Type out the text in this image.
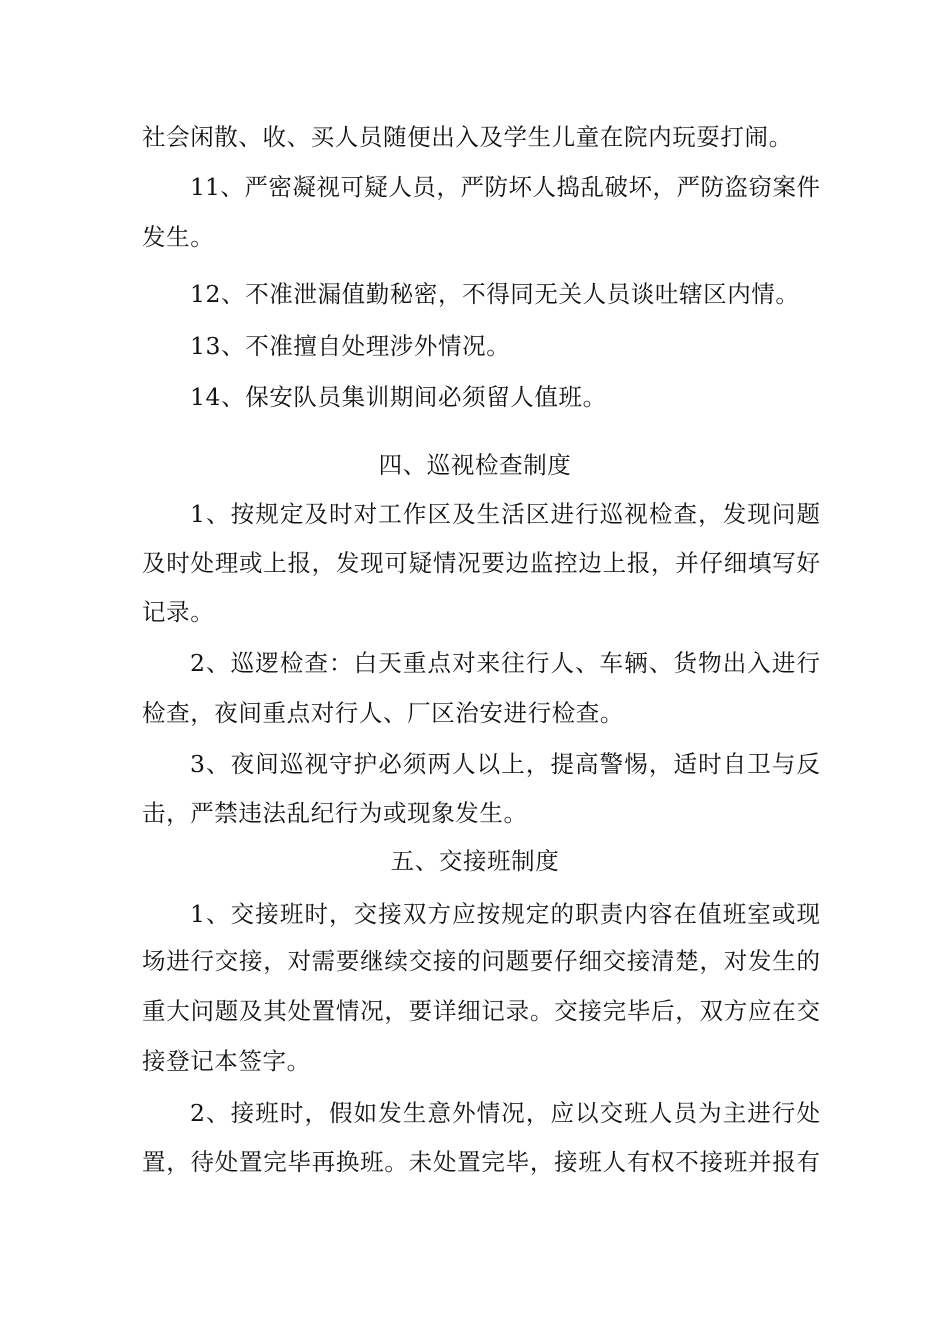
社会闲散、收、买人员随便出入及学生儿童在院内玩耍打闹。
11、严密凝视可疑人员，严防坏人捣乱破坏，严防盗窃案件
发生。
12、不准泄漏值勤秘密，不得同无关人员谈吐辖区内情。
13、不准擅自处理涉外情况。
14、保安队员集训期间必须留人值班。
四、巡视检查制度
1、按规定及时对工作区及生活区进行巡视检查，发现问题
及时处理或上报，发现可疑情况要边监控边上报，并仔细填写好
记录。
2、巡逻检查：白天重点对来往行人、车辆、货物出入进行
检查，夜间重点对行人、厂区治安进行检查。
3、夜间巡视守护必须两人以上，提高警惕，适时自卫与反
击，严禁违法乱纪行为或现象发生。
五、交接班制度
1、交接班时，交接双方应按规定的职责内容在值班室或现
场进行交接，对需要继续交接的问题要仔细交接清楚，对发生的
重大问题及其处置情况，要详细记录。交接完毕后，双方应在交
接登记本签字。
2、接班时，假如发生意外情况，应以交班人员为主进行处
置，待处置完毕再换班。未处置完毕，接班人有权不接班并报有
